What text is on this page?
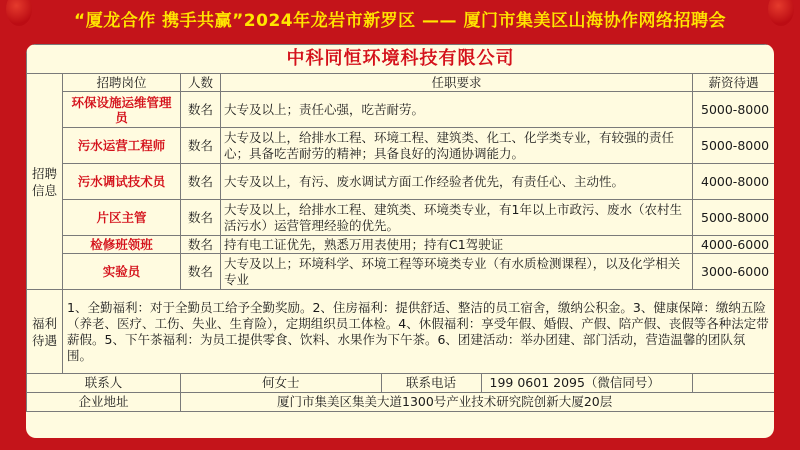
“厦龙合作 携手共赢”2024年龙岩市新罗区 —— 厦门市集美区山海协作网络招聘会
中科同恒环境科技有限公司

招聘信息
	招聘岗位	人数	任职要求	薪资待遇
环保设施运维管理员	数名	大专及以上；责任心强，吃苦耐劳。	5000-8000
污水运营工程师	数名	大专及以上，给排水工程、环境工程、建筑类、化工、化学类专业，有较强的责任心；具备吃苦耐劳的精神；具备良好的沟通协调能力。	5000-8000
污水调试技术员	数名	大专及以上，有污、废水调试方面工作经验者优先，有责任心、主动性。	4000-8000
片区主管	数名	大专及以上，给排水工程、建筑类、环境类专业，有1年以上市政污、废水（农村生活污水）运营管理经验的优先。	5000-8000
检修班领班	数名	持有电工证优先，熟悉万用表使用；持有C1驾驶证	4000-6000
实验员	数名	大专及以上；环境科学、环境工程等环境类专业（有水质检测课程），以及化学相关专业	3000-6000

福利待遇
	1、全勤福利：对于全勤员工给予全勤奖励。2、住房福利：提供舒适、整洁的员工宿舍，缴纳公积金。3、健康保障：缴纳五险（养老、医疗、工伤、失业、生育险），定期组织员工体检。4、休假福利：享受年假、婚假、产假、陪产假、丧假等各种法定带薪假。5、下午茶福利：为员工提供零食、饮料、水果作为下午茶。6、团建活动：举办团建、部门活动，营造温馨的团队氛围。
联系人		何女士	联系电话	199 0601 2095（微信同号）

企业地址	厦门市集美区集美大道1300号产业技术研究院创新大厦20层
